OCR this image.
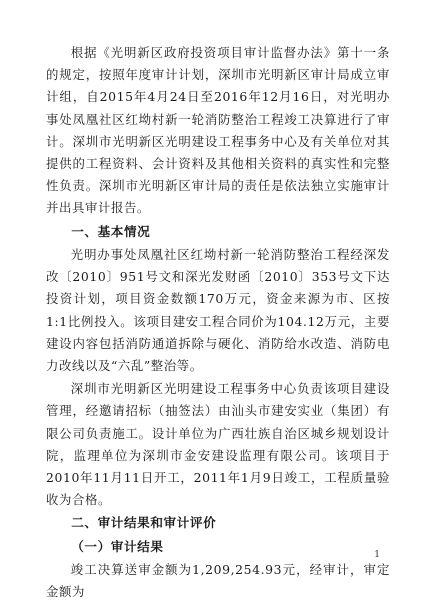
根据《光明新区政府投资项目审计监督办法》第十一条的规定，按照年度审计计划，深圳市光明新区审计局成立审计组，自2015年4月24日至2016年12月16日，对光明办事处凤凰社区红坳村新一轮消防整治工程竣工决算进行了审计。深圳市光明新区光明建设工程事务中心及有关单位对其提供的工程资料、会计资料及其他相关资料的真实性和完整性负责。深圳市光明新区审计局的责任是依法独立实施审计并出具审计报告。

一、基本情况

光明办事处凤凰社区红坳村新一轮消防整治工程经深发改〔2010〕951号文和深光发财函〔2010〕353号文下达投资计划，项目资金数额170万元，资金来源为市、区按1:1比例投入。该项目建安工程合同价为104.12万元，主要建设内容包括消防通道拆除与硬化、消防给水改造、消防电力改线以及“六乱”整治等。

深圳市光明新区光明建设工程事务中心负责该项目建设管理，经邀请招标（抽签法）由汕头市建安实业（集团）有限公司负责施工。设计单位为广西壮族自治区城乡规划设计院，监理单位为深圳市金安建设监理有限公司。该项目于2010年11月11日开工，2011年1月9日竣工，工程质量验收为合格。

二、审计结果和审计评价

（一）审计结果

竣工决算送审金额为1,209,254.93元，经审计，审定金额为

1
